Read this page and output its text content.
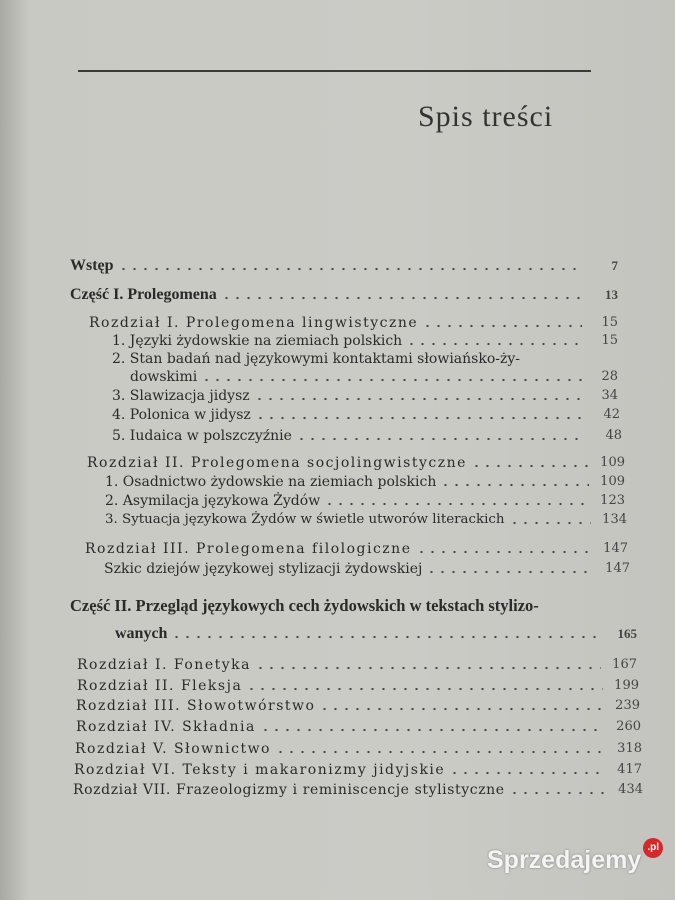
Spis treści
Wstęp	7
Część I. Prolegomena	13
Rozdział I. Prolegomena lingwistyczne	15
1. Języki żydowskie na ziemiach polskich	15
2. Stan badań nad językowymi kontaktami słowiańsko-ży-
dowskimi	28
3. Slawizacja jidysz	34
4. Polonica w jidysz	42
5. Iudaica w polszczyźnie	48
Rozdział II. Prolegomena socjolingwistyczne	109
1. Osadnictwo żydowskie na ziemiach polskich	109
2. Asymilacja językowa Żydów	123
3. Sytuacja językowa Żydów w świetle utworów literackich	134
Rozdział III. Prolegomena filologiczne	147
Szkic dziejów językowej stylizacji żydowskiej	147
Część II. Przegląd językowych cech żydowskich w tekstach stylizo-
wanych	165
Rozdział I. Fonetyka	167
Rozdział II. Fleksja	199
Rozdział III. Słowotwórstwo	239
Rozdział IV. Składnia	260
Rozdział V. Słownictwo	318
Rozdział VI. Teksty i makaronizmy jidyjskie	417
Rozdział VII. Frazeologizmy i reminiscencje stylistyczne	434
Sprzedajemy .pl
